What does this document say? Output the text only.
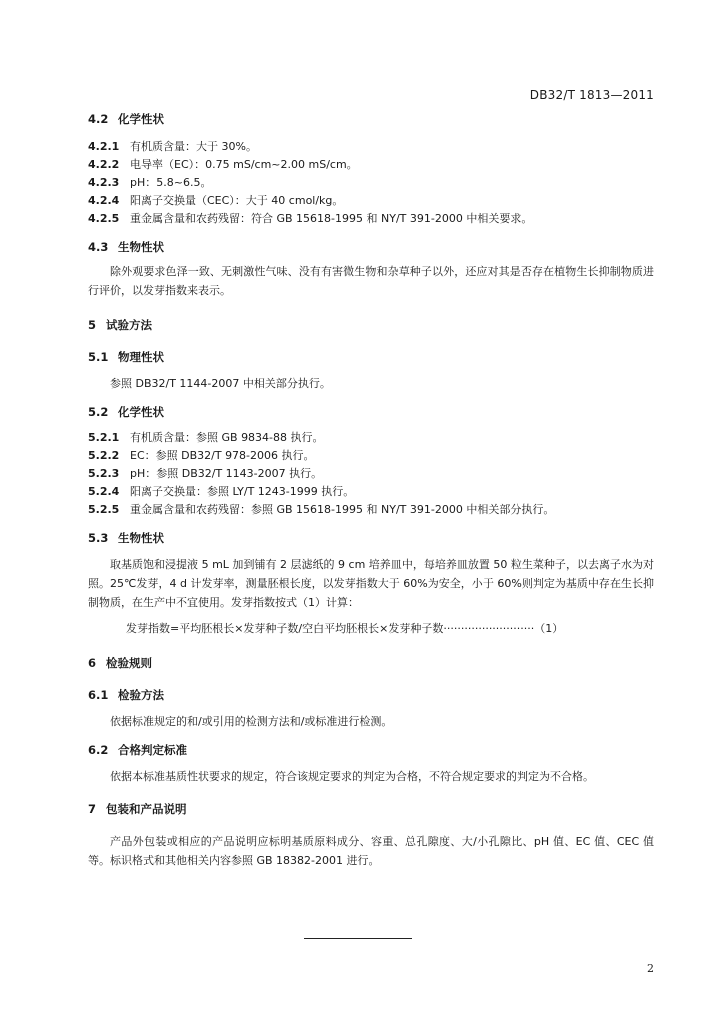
DB32/T 1813—2011
4.2 化学性状
4.2.1 有机质含量：大于 30%。
4.2.2 电导率（EC）：0.75 mS/cm~2.00 mS/cm。
4.2.3 pH：5.8~6.5。
4.2.4 阳离子交换量（CEC）：大于 40 cmol/kg。
4.2.5 重金属含量和农药残留：符合 GB 15618-1995 和 NY/T 391-2000 中相关要求。
4.3 生物性状

除外观要求色泽一致、无刺激性气味、没有有害微生物和杂草种子以外，还应对其是否存在植物生长抑制物质进行评价，以发芽指数来表示。

5 试验方法
5.1 物理性状

参照 DB32/T 1144-2007 中相关部分执行。

5.2 化学性状
5.2.1 有机质含量：参照 GB 9834-88 执行。
5.2.2 EC：参照 DB32/T 978-2006 执行。
5.2.3 pH：参照 DB32/T 1143-2007 执行。
5.2.4 阳离子交换量：参照 LY/T 1243-1999 执行。
5.2.5 重金属含量和农药残留：参照 GB 15618-1995 和 NY/T 391-2000 中相关部分执行。
5.3 生物性状

取基质饱和浸提液 5 mL 加到铺有 2 层滤纸的 9 cm 培养皿中，每培养皿放置 50 粒生菜种子，以去离子水为对照。25℃发芽，4 d 计发芽率，测量胚根长度，以发芽指数大于 60%为安全，小于 60%则判定为基质中存在生长抑制物质，在生产中不宜使用。发芽指数按式（1）计算：

发芽指数=平均胚根长×发芽种子数/空白平均胚根长×发芽种子数··························（1）
6 检验规则
6.1 检验方法

依据标准规定的和/或引用的检测方法和/或标准进行检测。

6.2 合格判定标准

依据本标准基质性状要求的规定，符合该规定要求的判定为合格，不符合规定要求的判定为不合格。

7 包装和产品说明

产品外包装或相应的产品说明应标明基质原料成分、容重、总孔隙度、大/小孔隙比、pH 值、EC 值、CEC 值等。标识格式和其他相关内容参照 GB 18382-2001 进行。

2
